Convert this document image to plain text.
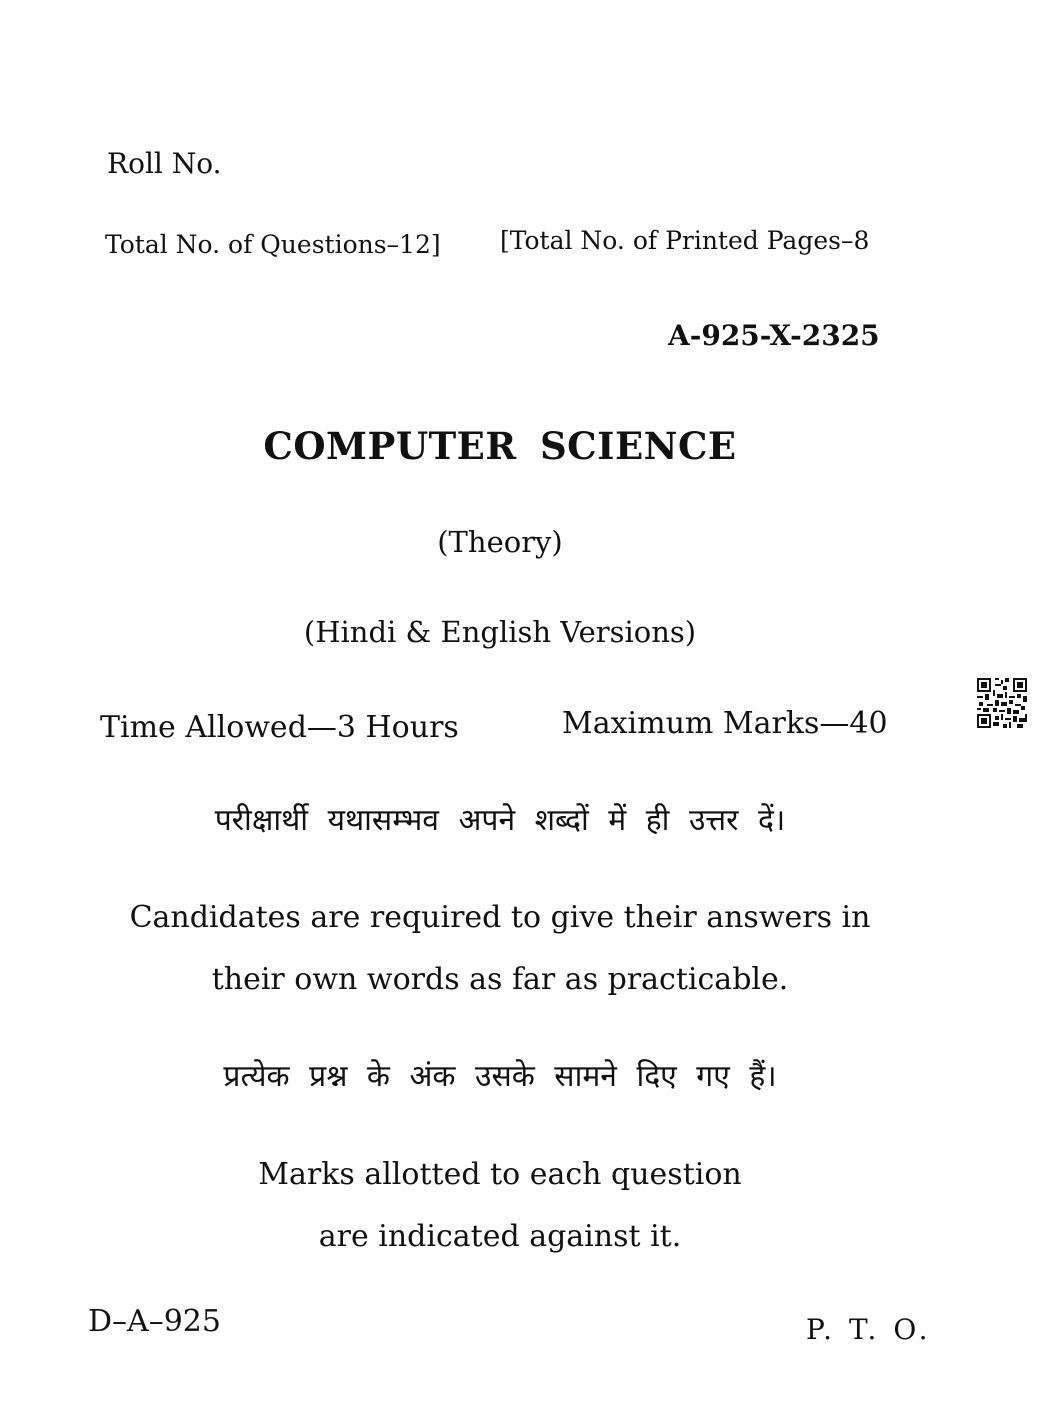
Roll No.
Total No. of Questions–12] [Total No. of Printed Pages–8
A-925-X-2325
COMPUTER SCIENCE
(Theory)
(Hindi & English Versions)
Time Allowed—3 Hours	Maximum Marks—40
परीक्षार्थी यथासम्भव अपने शब्दों में ही उत्तर दें।
Candidates are required to give their answers in
their own words as far as practicable.
प्रत्येक प्रश्न के अंक उसके सामने दिए गए हैं।
Marks allotted to each question
are indicated against it.
D–A–925	P. T. O.
